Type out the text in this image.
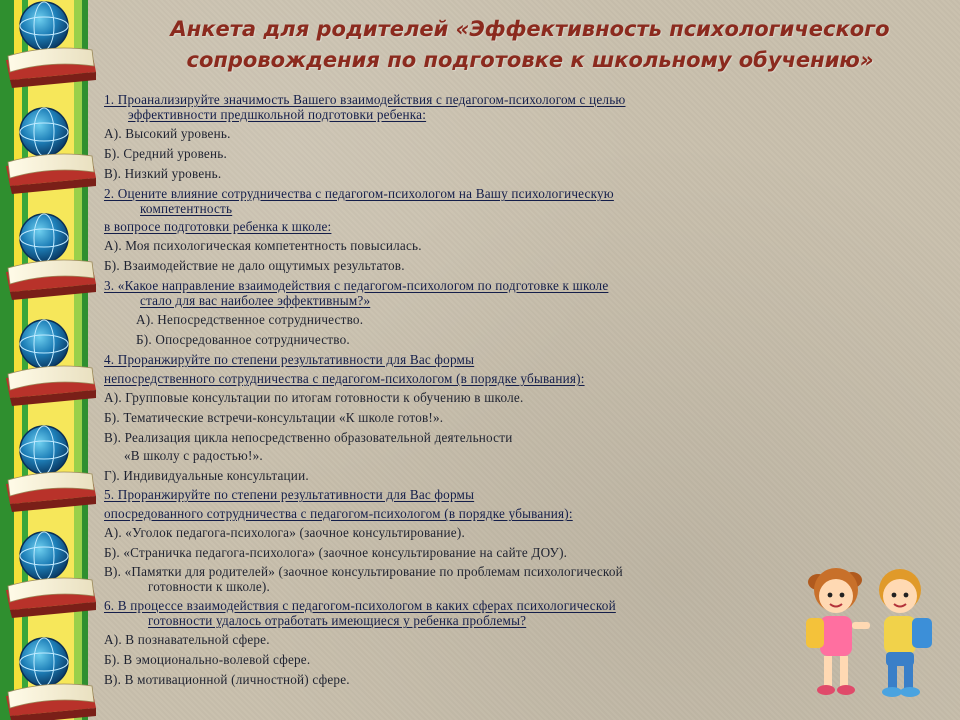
Анкета для родителей «Эффективность психологического
сопровождения по подготовке к школьному обучению»
1. Проанализируйте значимость Вашего взаимодействия с педагогом-психологом с целью
эффективности предшкольной подготовки ребенка:
А). Высокий уровень.
Б). Средний уровень.
В). Низкий уровень.
2. Оцените влияние сотрудничества с педагогом-психологом на Вашу психологическую
компетентность
в вопросе подготовки ребенка к школе:
А). Моя психологическая компетентность повысилась.
Б). Взаимодействие не дало ощутимых результатов.
3. «Какое направление взаимодействия с педагогом-психологом по подготовке к школе
стало для вас наиболее эффективным?»
А). Непосредственное сотрудничество.
Б). Опосредованное сотрудничество.
4. Проранжируйте по степени результативности для Вас формы
непосредственного сотрудничества с педагогом-психологом (в порядке убывания):
А). Групповые консультации по итогам готовности к обучению в школе.
Б). Тематические встречи-консультации «К школе готов!».
В). Реализация цикла непосредственно образовательной деятельности
«В школу с радостью!».
Г). Индивидуальные консультации.
5. Проранжируйте по степени результативности для Вас формы
опосредованного сотрудничества с педагогом-психологом (в порядке убывания):
А). «Уголок педагога-психолога» (заочное консультирование).
Б). «Страничка педагога-психолога» (заочное консультирование на сайте ДОУ).
В). «Памятки для родителей» (заочное консультирование по проблемам психологической
готовности к школе).
6. В процессе взаимодействия с педагогом-психологом в каких сферах психологической
готовности удалось отработать имеющиеся у ребенка проблемы?
А). В познавательной сфере.
Б). В эмоционально-волевой сфере.
В). В мотивационной (личностной) сфере.
